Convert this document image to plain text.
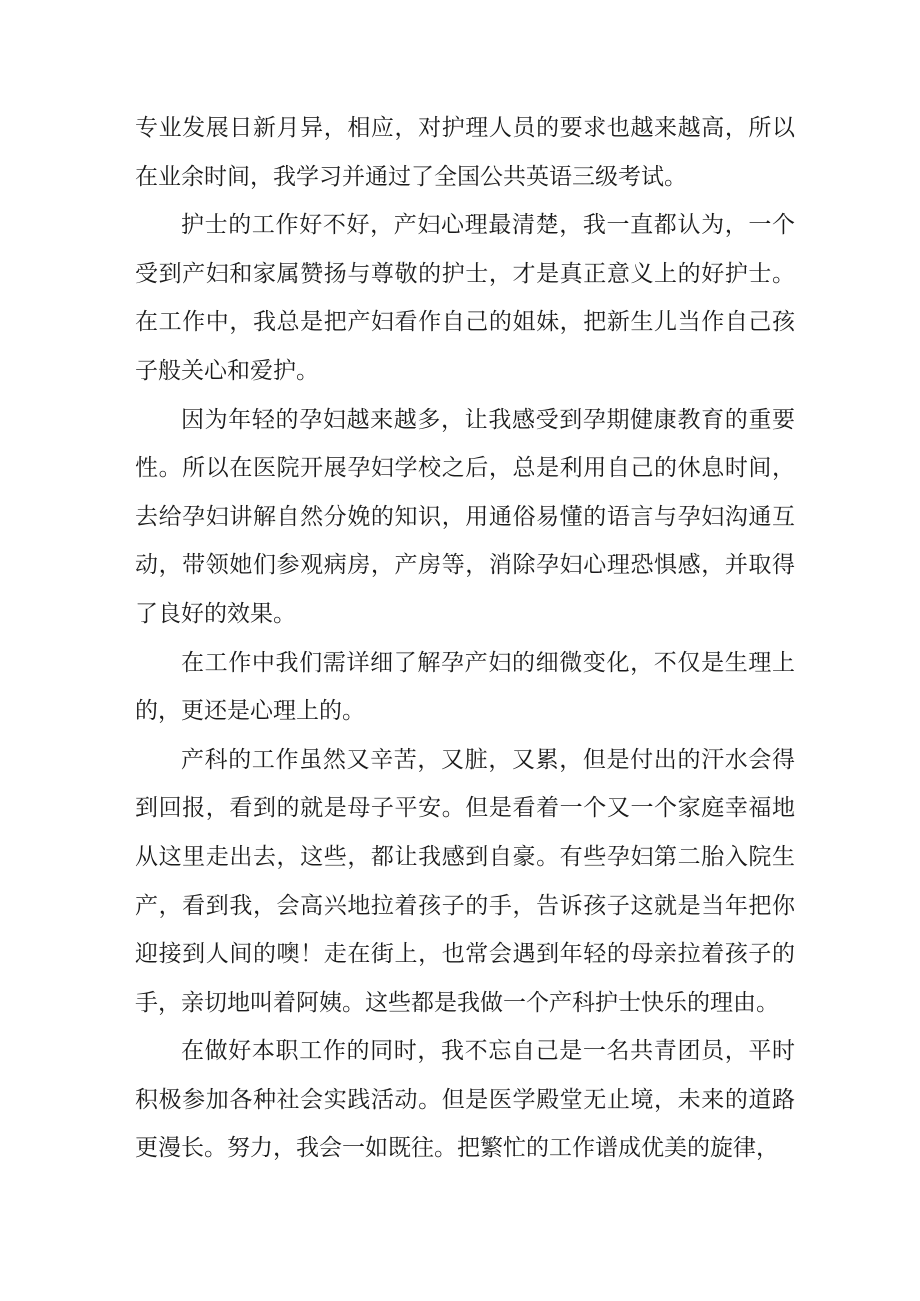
专业发展日新月异，相应，对护理人员的要求也越来越高，所以在业余时间，我学习并通过了全国公共英语三级考试。

护士的工作好不好，产妇心理最清楚，我一直都认为，一个受到产妇和家属赞扬与尊敬的护士，才是真正意义上的好护士。在工作中，我总是把产妇看作自己的姐妹，把新生儿当作自己孩子般关心和爱护。

因为年轻的孕妇越来越多，让我感受到孕期健康教育的重要性。所以在医院开展孕妇学校之后，总是利用自己的休息时间，去给孕妇讲解自然分娩的知识，用通俗易懂的语言与孕妇沟通互动，带领她们参观病房，产房等，消除孕妇心理恐惧感，并取得了良好的效果。

在工作中我们需详细了解孕产妇的细微变化，不仅是生理上的，更还是心理上的。

产科的工作虽然又辛苦，又脏，又累，但是付出的汗水会得到回报，看到的就是母子平安。但是看着一个又一个家庭幸福地从这里走出去，这些，都让我感到自豪。有些孕妇第二胎入院生产，看到我，会高兴地拉着孩子的手，告诉孩子这就是当年把你迎接到人间的噢！走在街上，也常会遇到年轻的母亲拉着孩子的手，亲切地叫着阿姨。这些都是我做一个产科护士快乐的理由。

在做好本职工作的同时，我不忘自己是一名共青团员，平时积极参加各种社会实践活动。但是医学殿堂无止境，未来的道路更漫长。努力，我会一如既往。把繁忙的工作谱成优美的旋律，
